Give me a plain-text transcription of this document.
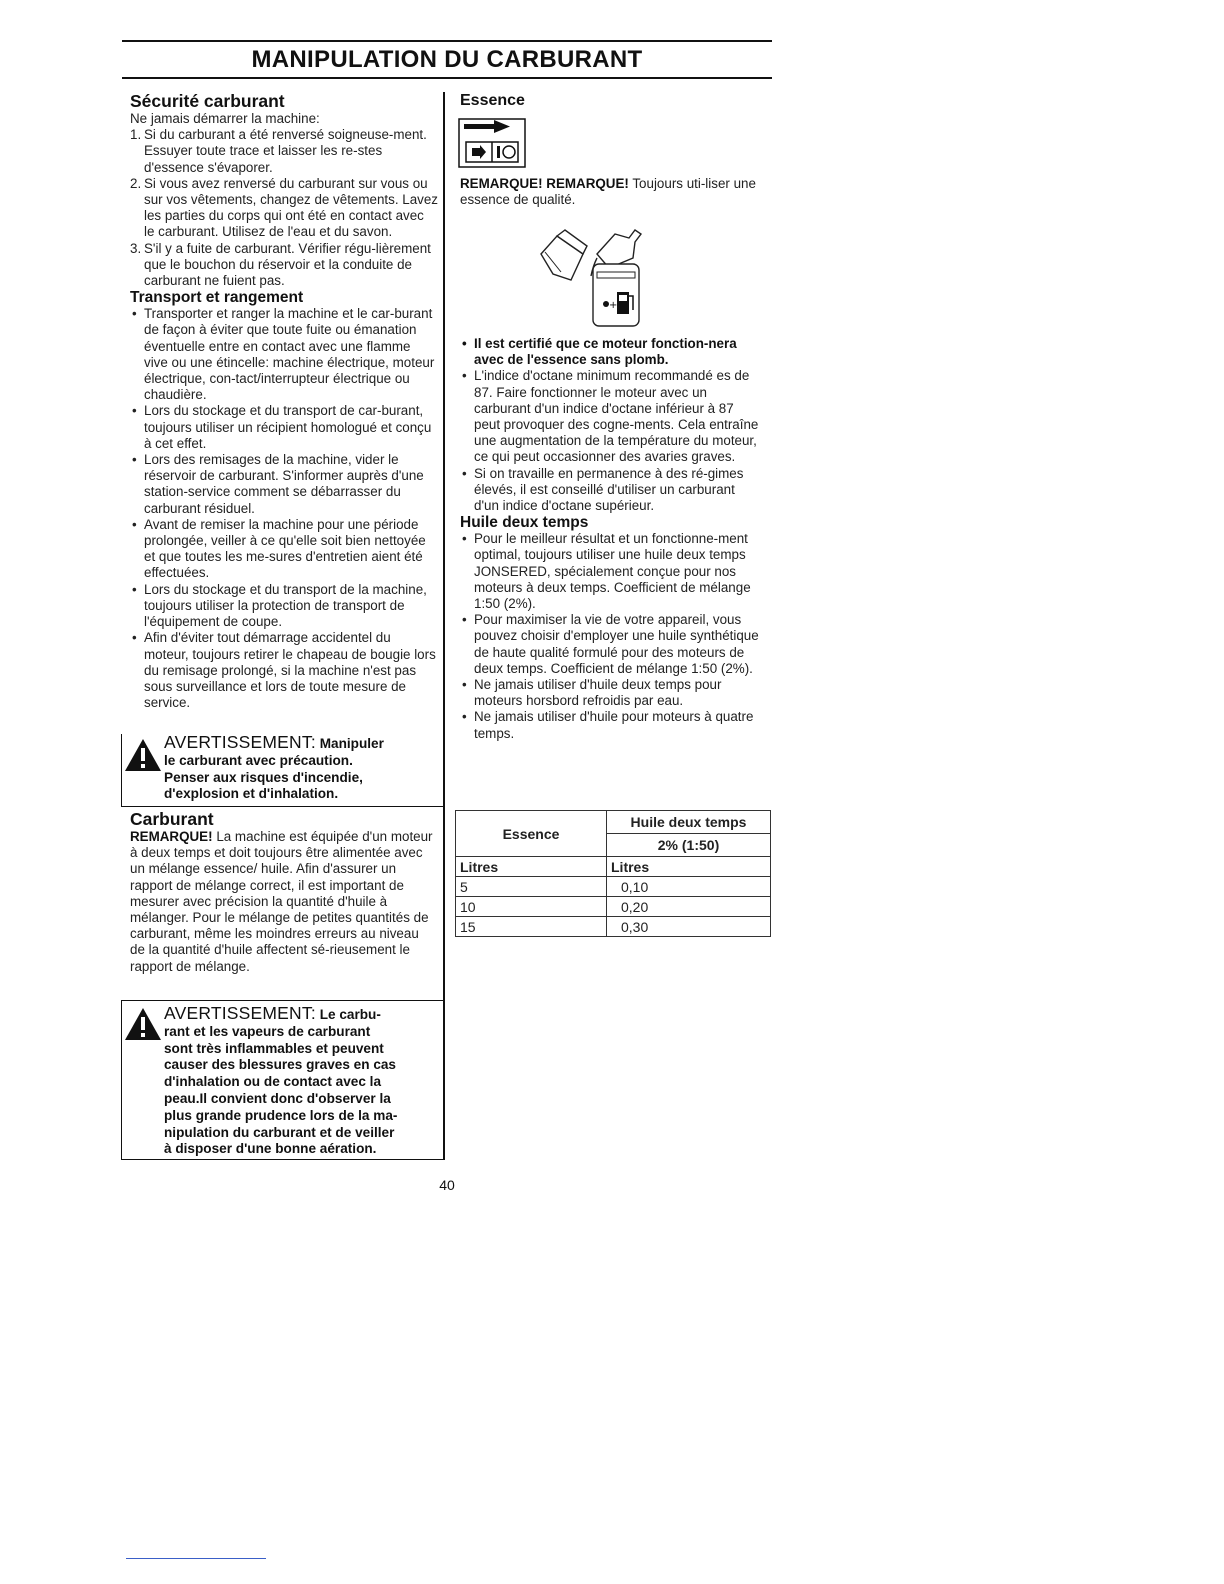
MANIPULATION DU CARBURANT
Sécurité carburant

Ne jamais démarrer la machine:

1. Si du carburant a été renversé soigneuse-ment. Essuyer toute trace et laisser les re-stes d'essence s'évaporer.
2. Si vous avez renversé du carburant sur vous ou sur vos vêtements, changez de vêtements. Lavez les parties du corps qui ont été en contact avec le carburant. Utilisez de l'eau et du savon.
3. S'il y a fuite de carburant. Vérifier régu-lièrement que le bouchon du réservoir et la conduite de carburant ne fuient pas.
Transport et rangement
• Transporter et ranger la machine et le car-burant de façon à éviter que toute fuite ou émanation éventuelle entre en contact avec une flamme vive ou une étincelle: machine électrique, moteur électrique, con-tact/interrupteur électrique ou chaudière.
• Lors du stockage et du transport de car-burant, toujours utiliser un récipient homologué et conçu à cet effet.
• Lors des remisages de la machine, vider le réservoir de carburant. S'informer auprès d'une station-service comment se débarrasser du carburant résiduel.
• Avant de remiser la machine pour une période prolongée, veiller à ce qu'elle soit bien nettoyée et que toutes les me-sures d'entretien aient été effectuées.
• Lors du stockage et du transport de la machine, toujours utiliser la protection de transport de l'équipement de coupe.
• Afin d'éviter tout démarrage accidentel du moteur, toujours retirer le chapeau de bougie lors du remisage prolongé, si la machine n'est pas sous surveillance et lors de toute mesure de service.
AVERTISSEMENT: Manipuler
le carburant avec précaution.
Penser aux risques d'incendie,
d'explosion et d'inhalation.
Carburant

REMARQUE! La machine est équipée d'un moteur à deux temps et doit toujours être alimentée avec un mélange essence/ huile. Afin d'assurer un rapport de mélange correct, il est important de mesurer avec précision la quantité d'huile à mélanger. Pour le mélange de petites quantités de carburant, même les moindres erreurs au niveau de la quantité d'huile affectent sé-rieusement le rapport de mélange.

AVERTISSEMENT: Le carbu-
rant et les vapeurs de carburant
sont très inflammables et peuvent
causer des blessures graves en cas
d'inhalation ou de contact avec la
peau.Il convient donc d'observer la
plus grande prudence lors de la ma-
nipulation du carburant et de veiller
à disposer d'une bonne aération.
Essence
REMARQUE! REMARQUE! Toujours uti-liser une essence de qualité.
+
• Il est certifié que ce moteur fonction-nera avec de l'essence sans plomb.
• L'indice d'octane minimum recommandé es de 87. Faire fonctionner le moteur avec un carburant d'un indice d'octane inférieur à 87 peut provoquer des cogne-ments. Cela entraîne une augmentation de la température du moteur, ce qui peut occasionner des avaries graves.
• Si on travaille en permanence à des ré-gimes élevés, il est conseillé d'utiliser un carburant d'un indice d'octane supérieur.
Huile deux temps
• Pour le meilleur résultat et un fonctionne-ment optimal, toujours utiliser une huile deux temps JONSERED, spécialement conçue pour nos moteurs à deux temps. Coefficient de mélange 1:50 (2%).
• Pour maximiser la vie de votre appareil, vous pouvez choisir d'employer une huile synthétique de haute qualité formulé pour des moteurs de deux temps. Coefficient de mélange 1:50 (2%).
• Ne jamais utiliser d'huile deux temps pour moteurs horsbord refroidis par eau.
• Ne jamais utiliser d'huile pour moteurs à quatre temps.
Essence	Huile deux temps
	2% (1:50)
Litres	Litres
5	0,10
10	0,20
15	0,30
40
